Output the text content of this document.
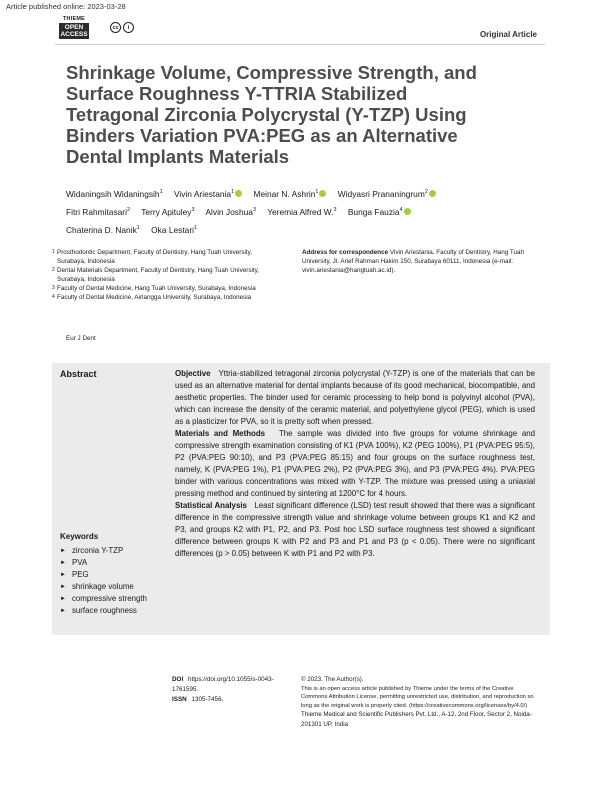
Article published online: 2023-03-28
THIEME
OPEN
ACCESS
cc	i
Original Article
Shrinkage Volume, Compressive Strength, and Surface Roughness Y-TTRIA Stabilized Tetragonal Zirconia Polycrystal (Y-TZP) Using Binders Variation PVA:PEG as an Alternative Dental Implants Materials
Widaningsih Widaningsih$^1$ Vivin Ariestania$^1$ Meinar N. Ashrin$^1$ Widyasri Prananingrum$^2$
Fitri Rahmitasari$^2$ Terry Apituley$^3$ Alvin Joshua$^3$ Yeremia Alfred W.$^3$ Bunga Fauzia$^4$
Chaterina D. Nanik$^1$ Oka Lestari$^1$
1 Prosthodontic Department, Faculty of Dentistry, Hang Tuah University, Surabaya, Indonesia
2 Dental Materials Department, Faculty of Dentistry, Hang Tuah University, Surabaya, Indonesia
3 Faculty of Dental Medicine, Hang Tuah University, Surabaya, Indonesia
4 Faculty of Dental Medicine, Airlangga University, Surabaya, Indonesia
Address for correspondence Vivin Ariestania, Faculty of Dentistry, Hang Tuah University, Jl. Arief Rahman Hakim 150, Surabaya 60111, Indonesia (e-mail: vivin.ariestania@hangtuah.ac.id).
Eur J Dent
Abstract	Objective Yttria-stabilized tetragonal zirconia polycrystal (Y-TZP) is one of the materials that can be used as an alternative material for dental implants because of its good mechanical, biocompatible, and aesthetic properties. The binder used for ceramic processing to help bond is polyvinyl alcohol (PVA), which can increase the density of the ceramic material, and polyethylene glycol (PEG), which is used as a plasticizer for PVA, so it is pretty soft when pressed.

Materials and Methods The sample was divided into five groups for volume shrinkage and compressive strength examination consisting of K1 (PVA 100%), K2 (PEG 100%), P1 (PVA:PEG 95:5), P2 (PVA:PEG 90:10), and P3 (PVA:PEG 85:15) and four groups on the surface roughness test, namely, K (PVA:PEG 1%), P1 (PVA:PEG 2%), P2 (PVA:PEG 3%), and P3 (PVA:PEG 4%). PVA:PEG binder with various concentrations was mixed with Y-TZP. The mixture was pressed using a uniaxial pressing method and continued by sintering at 1200°C for 4 hours.

Statistical Analysis Least significant difference (LSD) test result showed that there was a significant difference in the compressive strength value and shrinkage volume between groups K1 and K2 and P3, and groups K2 with P1, P2, and P3. Post hoc LSD surface roughness test showed a significant difference between groups K with P2 and P3 and P1 and P3 (p < 0.05). There were no significant differences (p > 0.05) between K with P1 and P2 with P3.

Keywords
► zirconia Y-TZP
► PVA
► PEG
► shrinkage volume
► compressive strength
► surface roughness
DOI https://doi.org/10.1055/s-0043-1761595.
ISSN 1305-7456.
© 2023. The Author(s).
This is an open access article published by Thieme under the terms of the Creative Commons Attribution License, permitting unrestricted use, distribution, and reproduction so long as the original work is properly cited. (https://creativecommons.org/licenses/by/4.0/)
Thieme Medical and Scientific Publishers Pvt. Ltd., A-12, 2nd Floor, Sector 2, Noida-201301 UP, India
